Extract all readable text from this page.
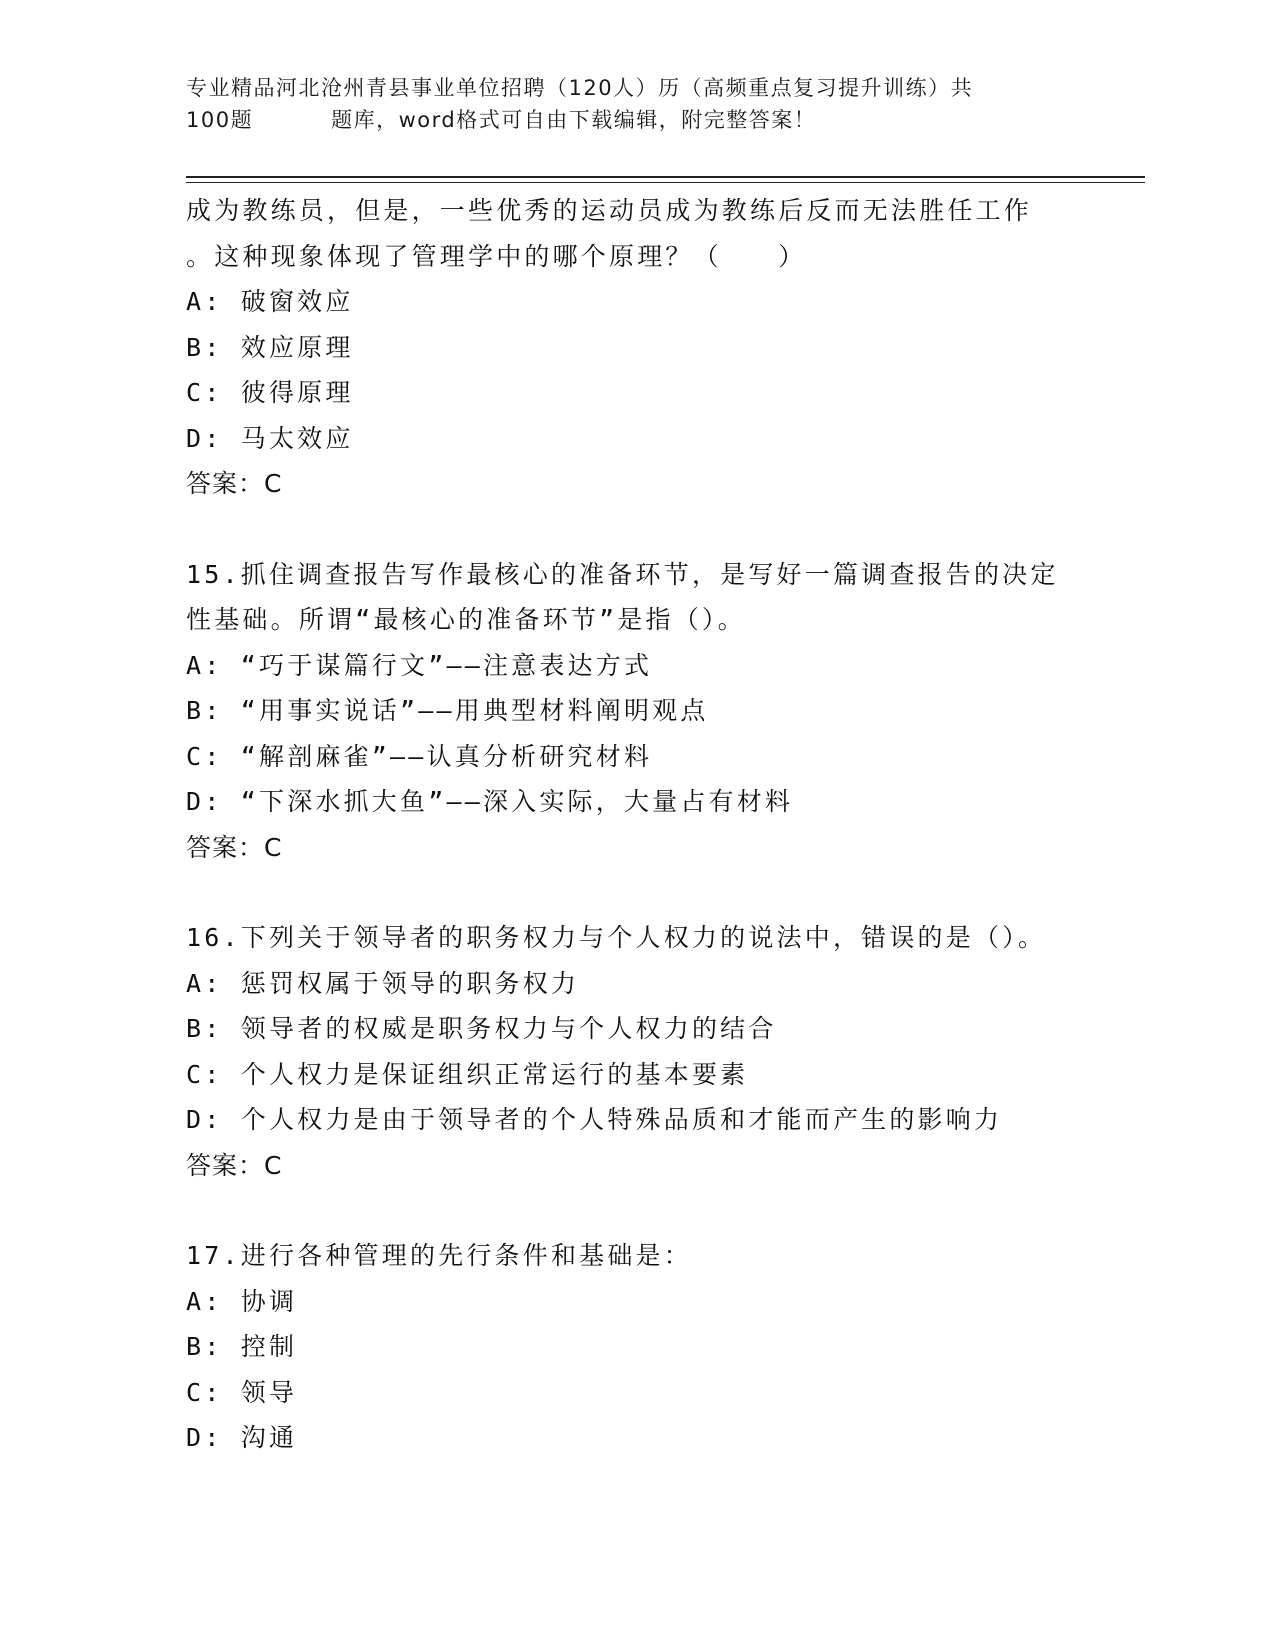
专业精品河北沧州青县事业单位招聘（120人）历（高频重点复习提升训练）共
100题	题库，word格式可自由下载编辑，附完整答案！
成为教练员，但是，一些优秀的运动员成为教练后反而无法胜任工作
。这种现象体现了管理学中的哪个原理？（　　）
A: 破窗效应
B: 效应原理
C: 彼得原理
D: 马太效应
答案：C
15.抓住调查报告写作最核心的准备环节，是写好一篇调查报告的决定
性基础。所谓“最核心的准备环节”是指（）。
A: “巧于谋篇行文”——注意表达方式
B: “用事实说话”——用典型材料阐明观点
C: “解剖麻雀”——认真分析研究材料
D: “下深水抓大鱼”——深入实际，大量占有材料
答案：C
16.下列关于领导者的职务权力与个人权力的说法中，错误的是（）。
A: 惩罚权属于领导的职务权力
B: 领导者的权威是职务权力与个人权力的结合
C: 个人权力是保证组织正常运行的基本要素
D: 个人权力是由于领导者的个人特殊品质和才能而产生的影响力
答案：C
17.进行各种管理的先行条件和基础是：
A: 协调
B: 控制
C: 领导
D: 沟通
